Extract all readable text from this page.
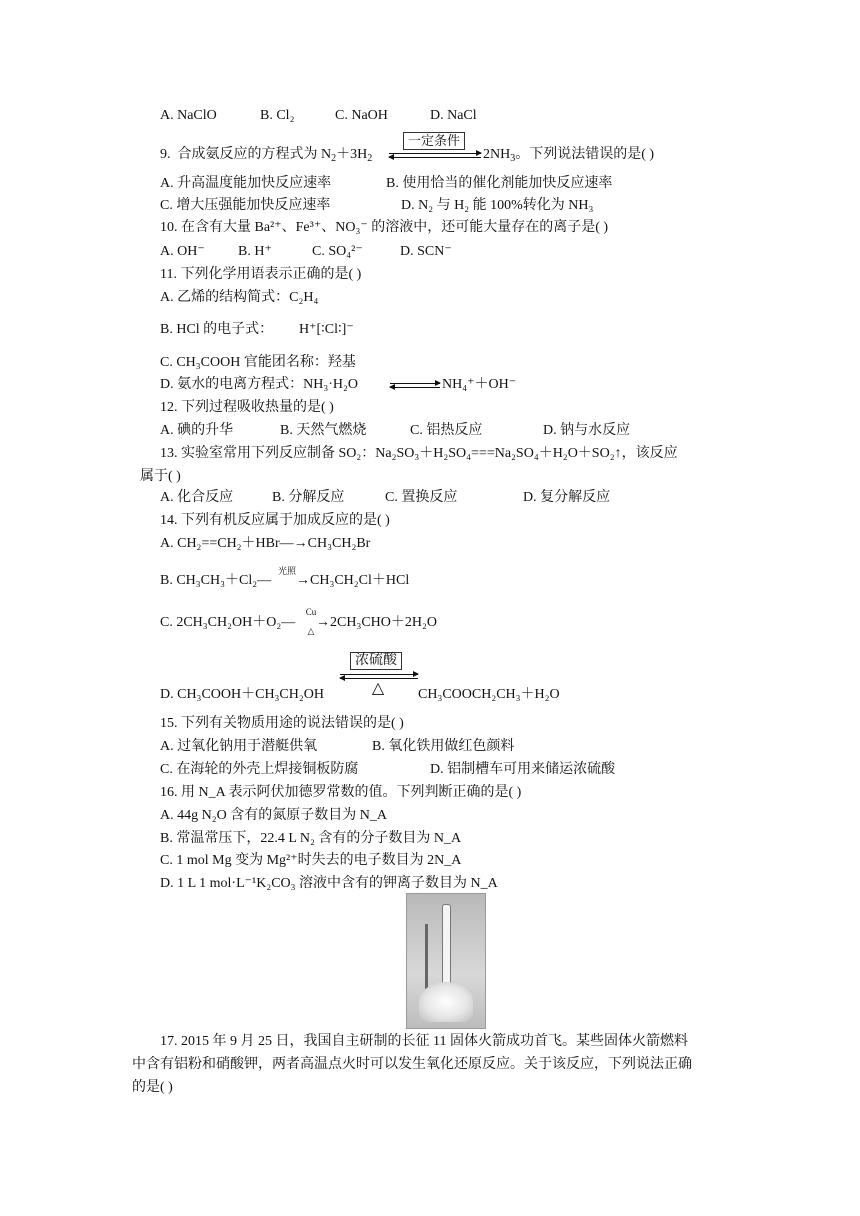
A. NaClO	B. Cl₂	C. NaOH	D. NaCl
9.  合成氨反应的方程式为 $N_2+3H_2$
一定条件
$2NH_3$。下列说法错误的是( )
A. 升高温度能加快反应速率	B. 使用恰当的催化剂能加快反应速率
C. 增大压强能加快反应速率	D. N₂ 与 H₂ 能 100%转化为 NH₃
10. 在含有大量 Ba²⁺、Fe³⁺、NO₃⁻ 的溶液中，还可能大量存在的离子是( )
A. OH⁻ B. H⁺	C. SO₄²⁻	D. SCN⁻
11. 下列化学用语表示正确的是( )
A. 乙烯的结构简式：C₂H₄
B. HCl 的电子式： H⁺[∶Cl∶]⁻
C. CH₃COOH 官能团名称：羟基
D. 氨水的电离方程式：NH₃·H₂O	NH₄⁺＋OH⁻
12. 下列过程吸收热量的是( )
A. 碘的升华	B. 天然气燃烧	C. 铝热反应	D. 钠与水反应
13. 实验室常用下列反应制备 SO₂：Na₂SO₃＋H₂SO₄===Na₂SO₄＋H₂O＋SO₂↑，该反应
属于( )
A. 化合反应	B. 分解反应	C. 置换反应	D. 复分解反应
14. 下列有机反应属于加成反应的是( )
A. CH₂==CH₂＋HBr—→CH₃CH₂Br
B. CH₃CH₃＋Cl₂—
光照
→CH₃CH₂Cl＋HCl
C. 2CH₃CH₂OH＋O₂—
Cu
△
→2CH₃CHO＋2H₂O
D. CH₃COOH＋CH₃CH₂OH
浓硫酸
△ CH₃COOCH₂CH₃＋H₂O
15. 下列有关物质用途的说法错误的是( )
A. 过氧化钠用于潜艇供氧	B. 氧化铁用做红色颜料
C. 在海轮的外壳上焊接铜板防腐	D. 铝制槽车可用来储运浓硫酸
16. 用 N_A 表示阿伏加德罗常数的值。下列判断正确的是( )
A. 44g N₂O 含有的氮原子数目为 N_A
B. 常温常压下，22.4 L N₂ 含有的分子数目为 N_A
C. 1 mol Mg 变为 Mg²⁺时失去的电子数目为 2N_A
D. 1 L 1 mol·L⁻¹K₂CO₃ 溶液中含有的钾离子数目为 N_A
17. 2015 年 9 月 25 日，我国自主研制的长征 11 固体火箭成功首飞。某些固体火箭燃料
中含有铝粉和硝酸钾，两者高温点火时可以发生氧化还原反应。关于该反应，下列说法正确
的是( )
